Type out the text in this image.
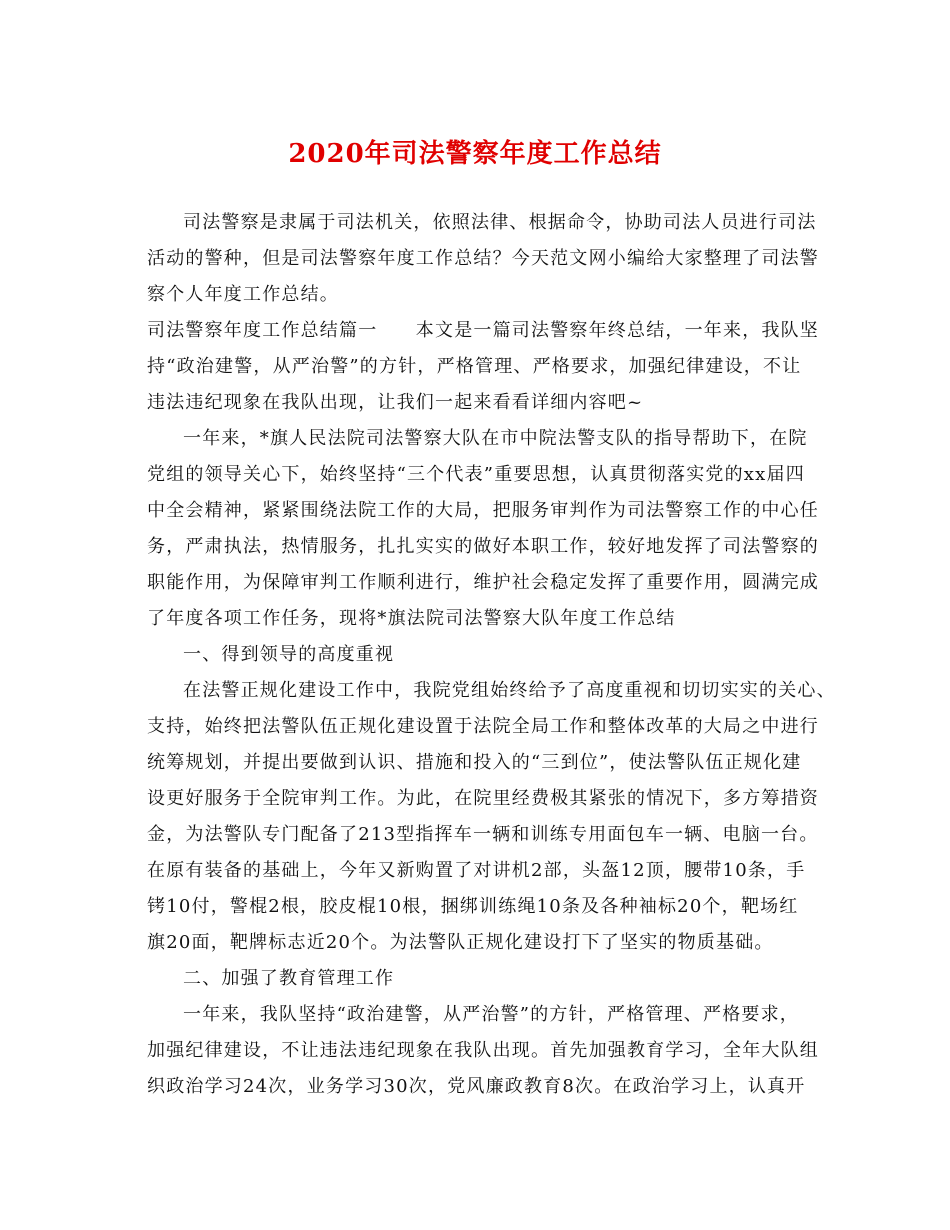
2020年司法警察年度工作总结
司法警察是隶属于司法机关，依照法律、根据命令，协助司法人员进行司法
活动的警种，但是司法警察年度工作总结？今天范文网小编给大家整理了司法警
察个人年度工作总结。
司法警察年度工作总结篇一　　本文是一篇司法警察年终总结，一年来，我队坚
持“政治建警，从严治警”的方针，严格管理、严格要求，加强纪律建设，不让
违法违纪现象在我队出现，让我们一起来看看详细内容吧~
一年来，*旗人民法院司法警察大队在市中院法警支队的指导帮助下，在院
党组的领导关心下，始终坚持“三个代表”重要思想，认真贯彻落实党的xx届四
中全会精神，紧紧围绕法院工作的大局，把服务审判作为司法警察工作的中心任
务，严肃执法，热情服务，扎扎实实的做好本职工作，较好地发挥了司法警察的
职能作用，为保障审判工作顺利进行，维护社会稳定发挥了重要作用，圆满完成
了年度各项工作任务，现将*旗法院司法警察大队年度工作总结
一、得到领导的高度重视
在法警正规化建设工作中，我院党组始终给予了高度重视和切切实实的关心、
支持，始终把法警队伍正规化建设置于法院全局工作和整体改革的大局之中进行
统筹规划，并提出要做到认识、措施和投入的“三到位”，使法警队伍正规化建
设更好服务于全院审判工作。为此，在院里经费极其紧张的情况下，多方筹措资
金，为法警队专门配备了213型指挥车一辆和训练专用面包车一辆、电脑一台。
在原有装备的基础上，今年又新购置了对讲机2部，头盔12顶，腰带10条，手
铐10付，警棍2根，胶皮棍10根，捆绑训练绳10条及各种袖标20个，靶场红
旗20面，靶牌标志近20个。为法警队正规化建设打下了坚实的物质基础。
二、加强了教育管理工作
一年来，我队坚持“政治建警，从严治警”的方针，严格管理、严格要求，
加强纪律建设，不让违法违纪现象在我队出现。首先加强教育学习，全年大队组
织政治学习24次，业务学习30次，党风廉政教育8次。在政治学习上，认真开
